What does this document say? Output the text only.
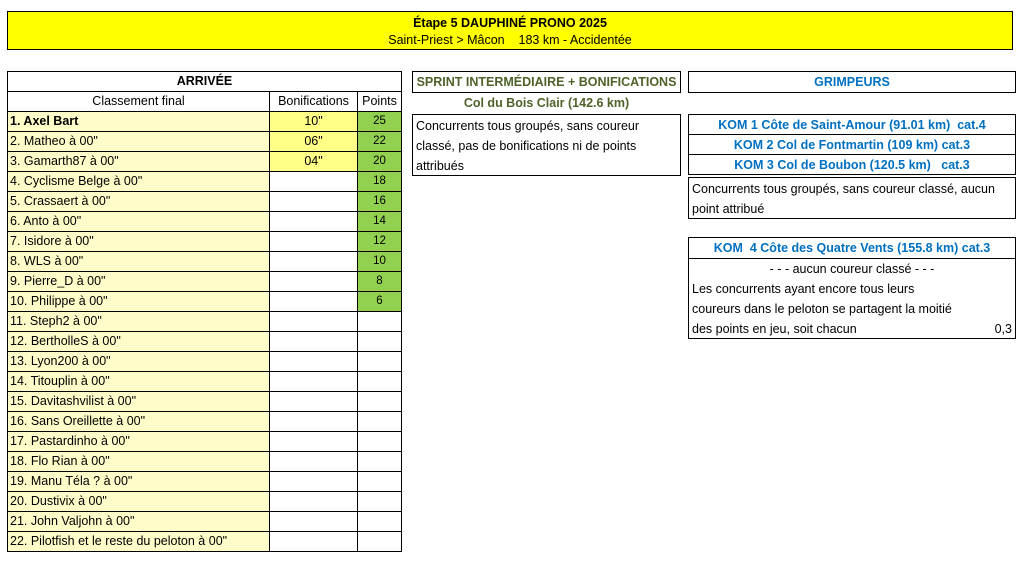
Étape 5 DAUPHINÉ PRONO 2025
Saint-Priest > Mâcon    183 km - Accidentée
ARRIVÉE		
Classement final	Bonifications	Points
1. Axel Bart	10"	25
2. Matheo à 00"	06"	22
3. Gamarth87 à 00"	04"	20
4. Cyclisme Belge à 00"		18
5. Crassaert à 00"		16
6. Anto à 00"		14
7. Isidore à 00"		12
8. WLS à 00"		10
9. Pierre_D à 00"		8
10. Philippe à 00"		6
11. Steph2 à 00"		
12. BertholleS à 00"		
13. Lyon200 à 00"		
14. Titouplin à 00"		
15. Davitashvilist à 00"		
16. Sans Oreillette à 00"		
17. Pastardinho à 00"		
18. Flo Rian à 00"		
19. Manu Téla ? à 00"		
20. Dustivix à 00"		
21. John Valjohn à 00"		
22. Pilotfish et le reste du peloton à 00"		
SPRINT INTERMÉDIAIRE + BONIFICATIONS
Col du Bois Clair (142.6 km)
Concurrents tous groupés, sans coureur
classé, pas de bonifications ni de points
attribués
GRIMPEURS
KOM 1 Côte de Saint-Amour (91.01 km)  cat.4
KOM 2 Col de Fontmartin (109 km) cat.3
KOM 3 Col de Boubon (120.5 km)   cat.3
Concurrents tous groupés, sans coureur classé, aucun
point attribué
KOM  4 Côte des Quatre Vents (155.8 km) cat.3
- - - aucun coureur classé - - -
Les concurrents ayant encore tous leurs
coureurs dans le peloton se partagent la moitié
des points en jeu, soit chacun	0,3
